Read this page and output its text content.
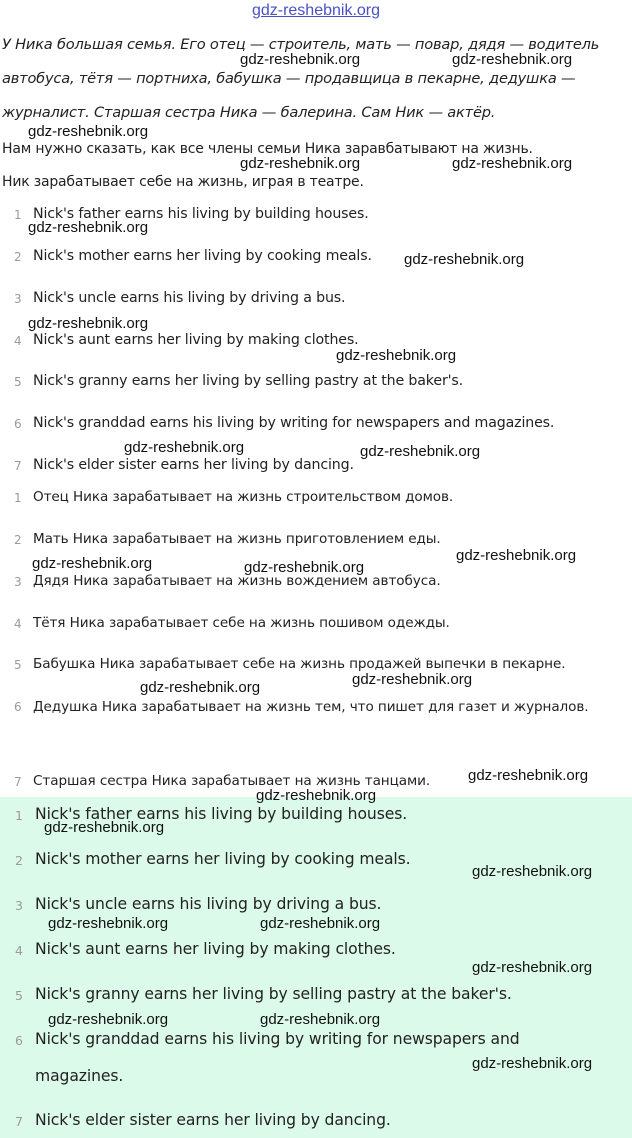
gdz-reshebnik.org
У Ника большая семья. Его отец — строитель, мать — повар, дядя — водитель автобуса, тётя — портниха, бабушка — продавщица в пекарне, дедушка — журналист. Старшая сестра Ника — балерина. Сам Ник — актёр.
Нам нужно сказать, как все члены семьи Ника заравбатывают на жизнь.
Ник зарабатывает себе на жизнь, играя в театре.
1 Nick's father earns his living by building houses.
2 Nick's mother earns her living by cooking meals.
3 Nick's uncle earns his living by driving a bus.
4 Nick's aunt earns her living by making clothes.
5 Nick's granny earns her living by selling pastry at the baker's.
6 Nick's granddad earns his living by writing for newspapers and magazines.
7 Nick's elder sister earns her living by dancing.
1 Отец Ника зарабатывает на жизнь строительством домов.
2 Мать Ника зарабатывает на жизнь приготовлением еды.
3 Дядя Ника зарабатывает на жизнь вождением автобуса.
4 Тётя Ника зарабатывает себе на жизнь пошивом одежды.
5 Бабушка Ника зарабатывает себе на жизнь продажей выпечки в пекарне.
6 Дедушка Ника зарабатывает на жизнь тем, что пишет для газет и журналов.
7 Старшая сестра Ника зарабатывает на жизнь танцами.
1 Nick's father earns his living by building houses.
2 Nick's mother earns her living by cooking meals.
3 Nick's uncle earns his living by driving a bus.
4 Nick's aunt earns her living by making clothes.
5 Nick's granny earns her living by selling pastry at the baker's.
6 Nick's granddad earns his living by writing for newspapers and magazines.
7 Nick's elder sister earns her living by dancing.
gdz-reshebnik.org	gdz-reshebnik.org
gdz-reshebnik.org
gdz-reshebnik.org	gdz-reshebnik.org
gdz-reshebnik.org
gdz-reshebnik.org
gdz-reshebnik.org
gdz-reshebnik.org
gdz-reshebnik.org	gdz-reshebnik.org
gdz-reshebnik.org
gdz-reshebnik.org	gdz-reshebnik.org
gdz-reshebnik.org
gdz-reshebnik.org
gdz-reshebnik.org
gdz-reshebnik.org
gdz-reshebnik.org
gdz-reshebnik.org
gdz-reshebnik.org	gdz-reshebnik.org
gdz-reshebnik.org
gdz-reshebnik.org	gdz-reshebnik.org
gdz-reshebnik.org
